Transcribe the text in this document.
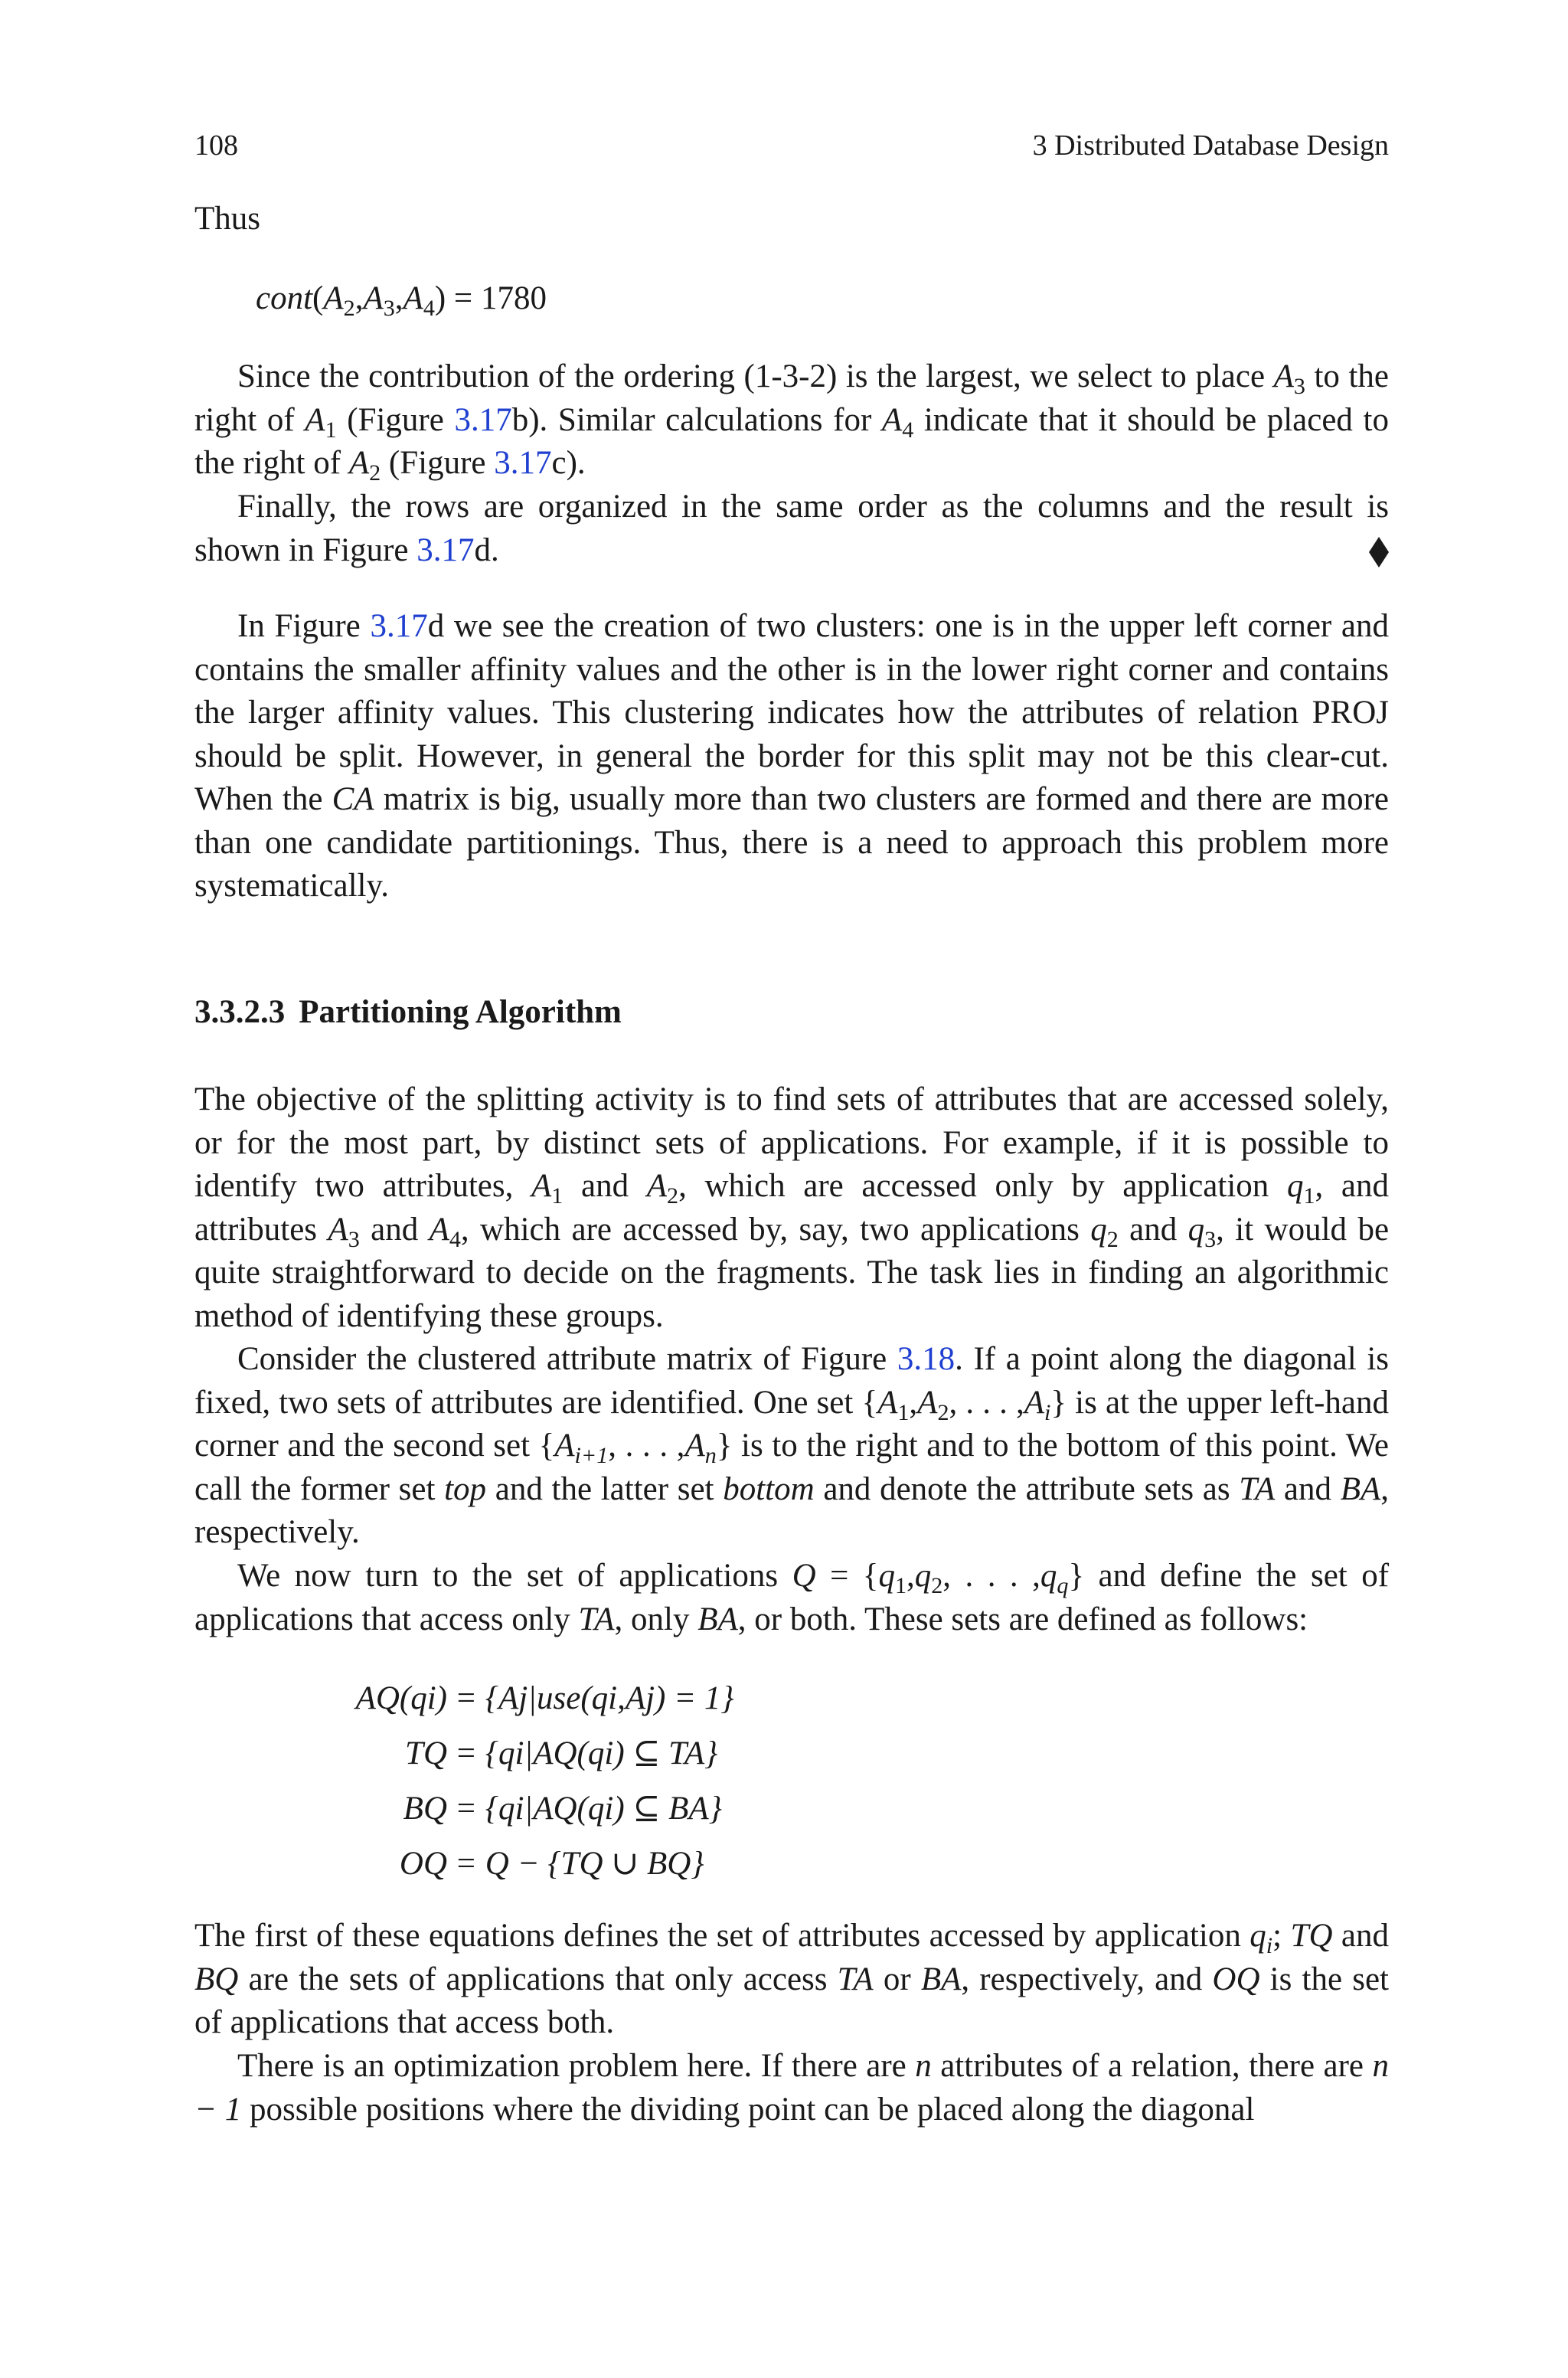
108	3 Distributed Database Design

Thus

$cont(A_2,A_3,A_4) = 1780$

Since the contribution of the ordering (1-3-2) is the largest, we select to place $A_3$ to the right of $A_1$ (Figure 3.17b). Similar calculations for $A_4$ indicate that it should be placed to the right of $A_2$ (Figure 3.17c).

Finally, the rows are organized in the same order as the columns and the result is shown in Figure 3.17d.

In Figure 3.17d we see the creation of two clusters: one is in the upper left corner and contains the smaller affinity values and the other is in the lower right corner and contains the larger affinity values. This clustering indicates how the attributes of relation PROJ should be split. However, in general the border for this split may not be this clear-cut. When the CA matrix is big, usually more than two clusters are formed and there are more than one candidate partitionings. Thus, there is a need to approach this problem more systematically.

3.3.2.3 Partitioning Algorithm

The objective of the splitting activity is to find sets of attributes that are accessed solely, or for the most part, by distinct sets of applications. For example, if it is possible to identify two attributes, $A_1$ and $A_2$, which are accessed only by application $q_1$, and attributes $A_3$ and $A_4$, which are accessed by, say, two applications $q_2$ and $q_3$, it would be quite straightforward to decide on the fragments. The task lies in finding an algorithmic method of identifying these groups.

Consider the clustered attribute matrix of Figure 3.18. If a point along the diagonal is fixed, two sets of attributes are identified. One set {$A_1,A_2$, . . . $,A_i$} is at the upper left-hand corner and the second set {$A_{i+1}$, . . . $,A_n$} is to the right and to the bottom of this point. We call the former set top and the latter set bottom and denote the attribute sets as TA and BA, respectively.

We now turn to the set of applications $Q = \{q_1,q_2$, . . . $,q_q$} and define the set of applications that access only TA, only BA, or both. These sets are defined as follows:

AQ(qi) = {Aj|use(qi,Aj) = 1}
TQ = {qi|AQ(qi) ⊆ TA}
BQ = {qi|AQ(qi) ⊆ BA}
OQ = Q − {TQ ∪ BQ}

The first of these equations defines the set of attributes accessed by application $q_i$; TQ and BQ are the sets of applications that only access TA or BA, respectively, and OQ is the set of applications that access both.

There is an optimization problem here. If there are n attributes of a relation, there are n − 1 possible positions where the dividing point can be placed along the diagonal
